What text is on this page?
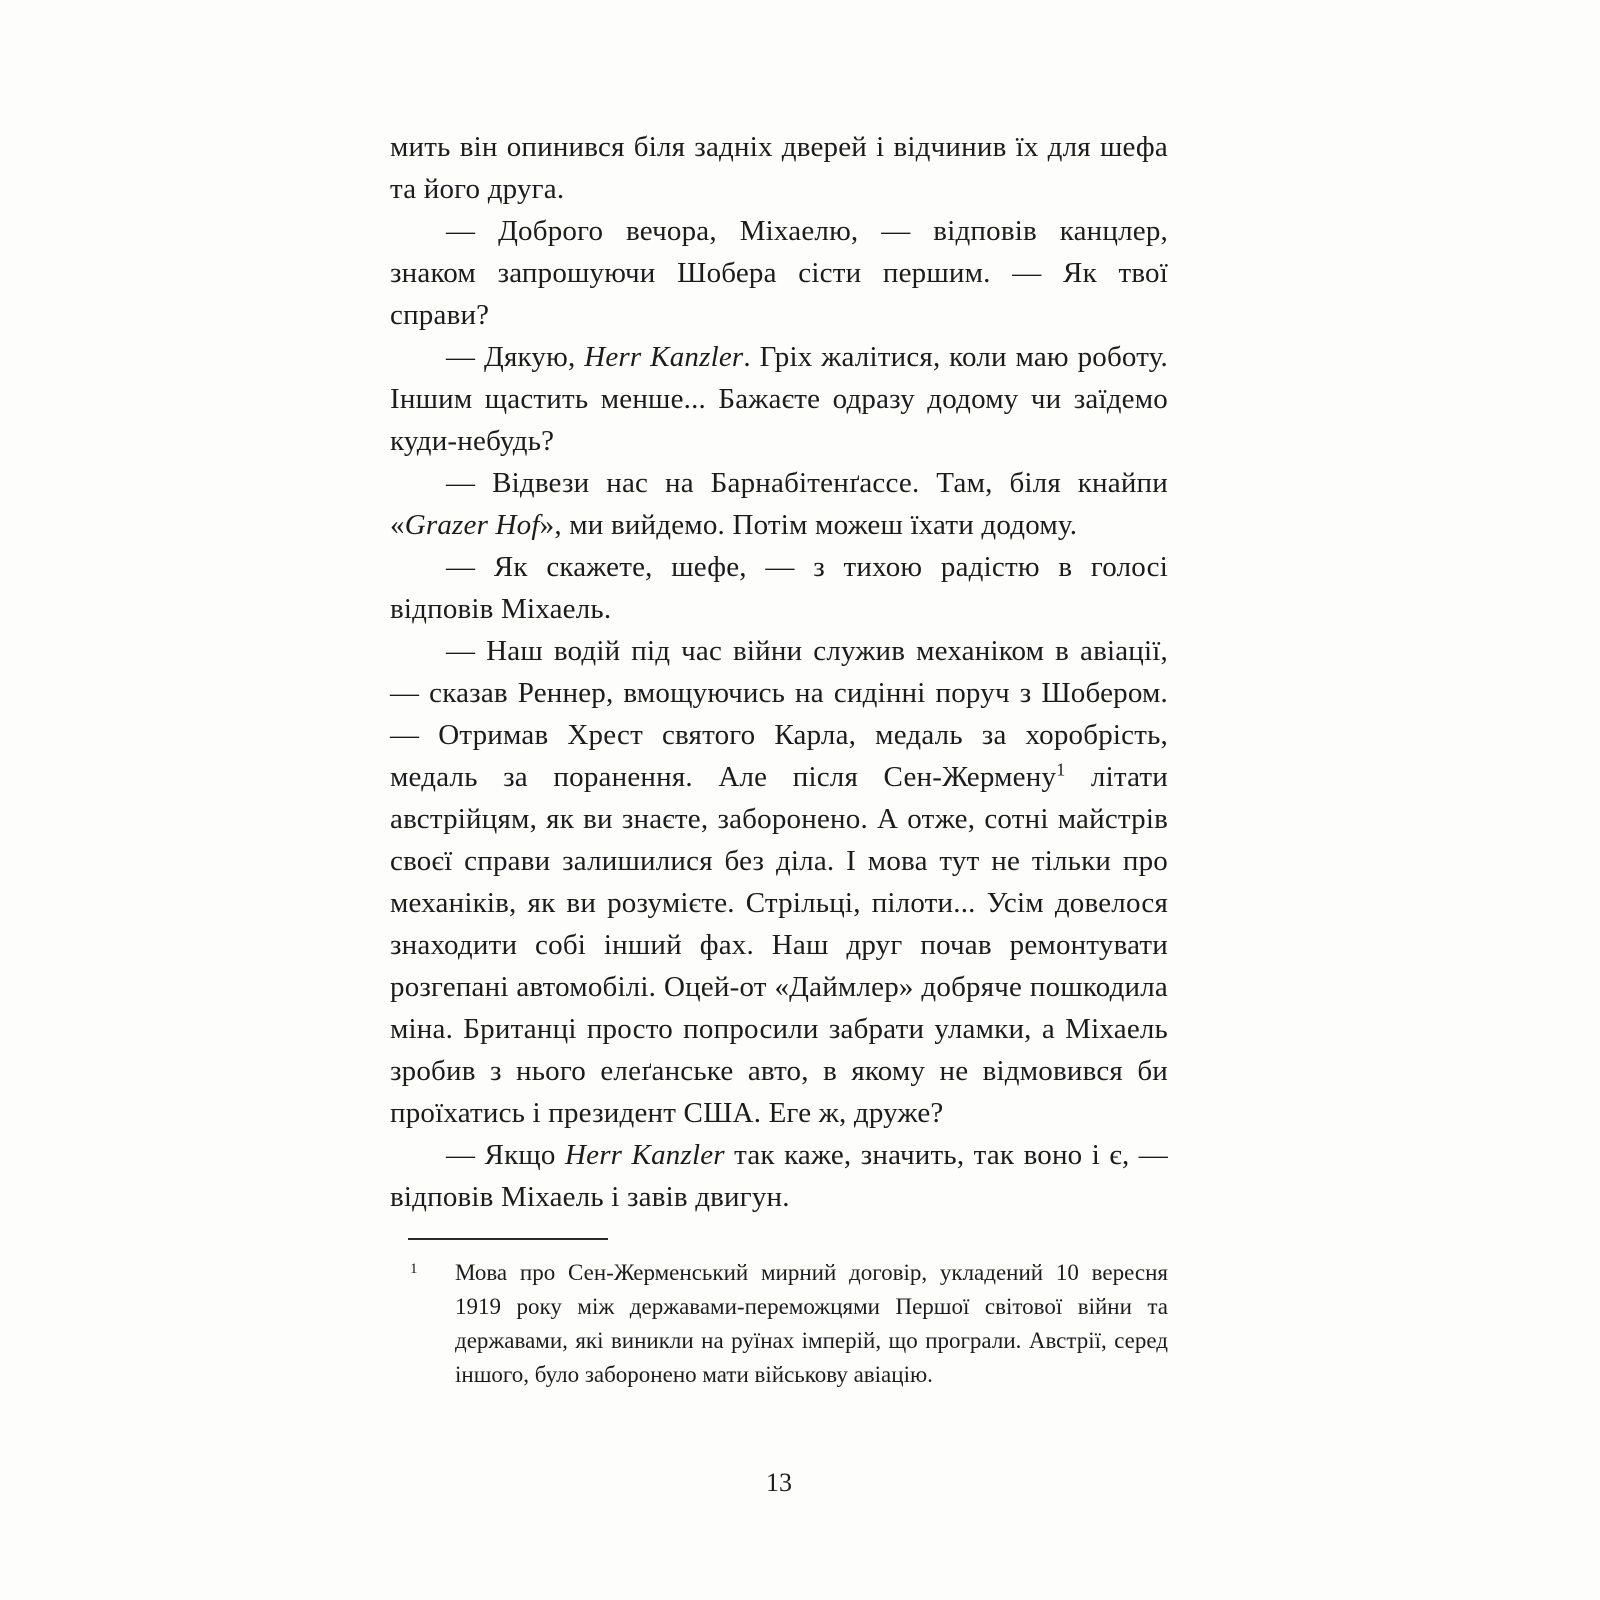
мить він опинився біля задніх дверей і відчинив їх для шефа та його друга.

— Доброго вечора, Міхаелю, — відповів канцлер, знаком запрошуючи Шобера сісти першим. — Як твої справи?

— Дякую, Herr Kanzler. Гріх жалітися, коли маю роботу. Іншим щастить менше... Бажаєте одразу додому чи заїдемо куди-небудь?

— Відвези нас на Барнабітенґассе. Там, біля кнайпи «Grazer Hof», ми вийдемо. Потім можеш їхати додому.

— Як скажете, шефе, — з тихою радістю в голосі відповів Міхаель.

— Наш водій під час війни служив механіком в авіації, — сказав Реннер, вмощуючись на сидінні поруч з Шобером. — Отримав Хрест святого Карла, медаль за хоробрість, медаль за поранення. Але після Сен-Жермену$^1$ літати австрійцям, як ви знаєте, заборонено. А отже, сотні майстрів своєї справи залишилися без діла. І мова тут не тільки про механіків, як ви розумієте. Стрільці, пілоти... Усім довелося знаходити собі інший фах. Наш друг почав ремонтувати розгепані автомобілі. Оцей-от «Даймлер» добряче пошкодила міна. Британці просто попросили забрати уламки, а Міхаель зробив з нього елеґанське авто, в якому не відмовився би проїхатись і президент США. Еге ж, друже?

— Якщо Herr Kanzler так каже, значить, так воно і є, — відповів Міхаель і завів двигун.

1 Мова про Сен-Жерменський мирний договір, укладений 10 вересня 1919 року між державами-переможцями Першої світової війни та державами, які виникли на руїнах імперій, що програли. Австрії, серед іншого, було заборонено мати військову авіацію.
13
